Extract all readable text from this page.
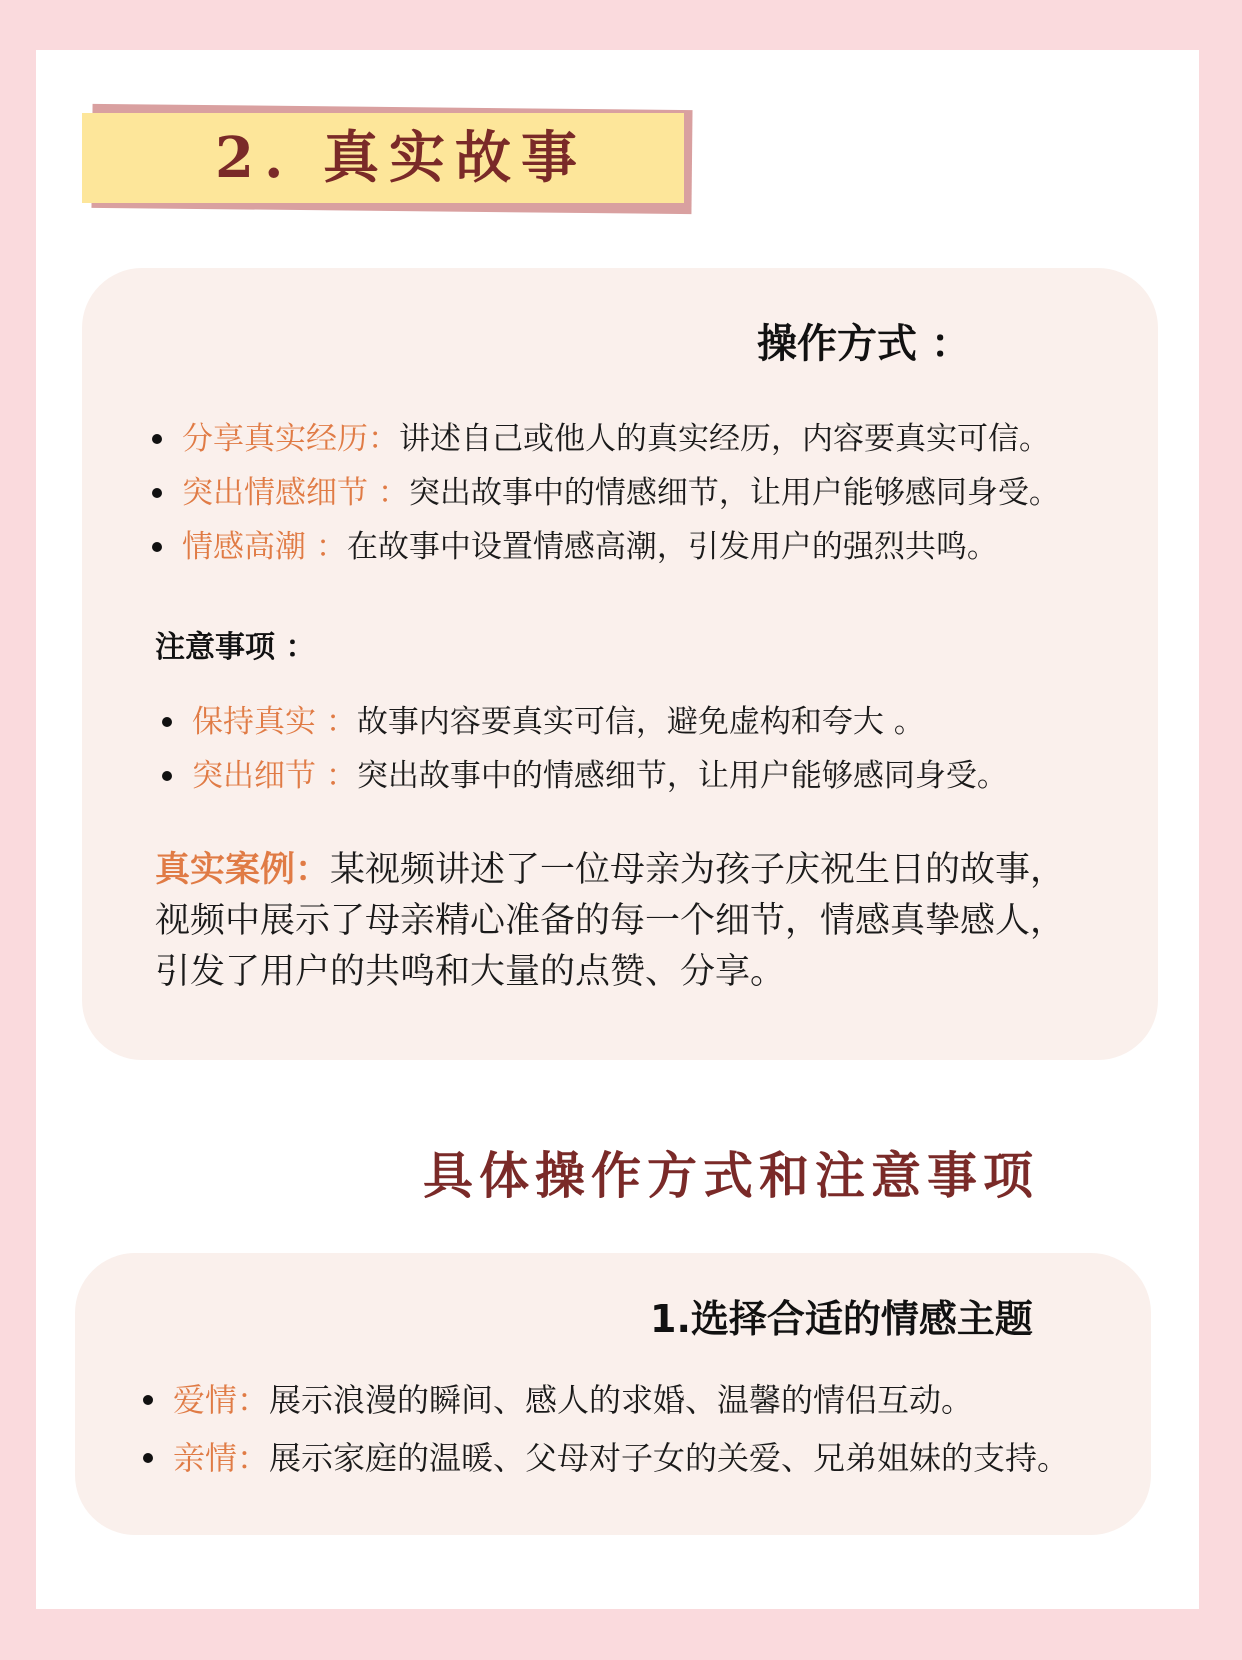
2. 真实故事
操作方式 ：
分享真实经历：讲述自己或他人的真实经历，内容要真实可信。
突出情感细节 ：突出故事中的情感细节，让用户能够感同身受。
情感高潮 ：在故事中设置情感高潮，引发用户的强烈共鸣。
注意事项 ：
保持真实 ：故事内容要真实可信，避免虚构和夸大 。
突出细节 ：突出故事中的情感细节，让用户能够感同身受。

真实案例：某视频讲述了一位母亲为孩子庆祝生日的故事，视频中展示了母亲精心准备的每一个细节，情感真挚感人，引发了用户的共鸣和大量的点赞、分享。

具体操作方式和注意事项
1.选择合适的情感主题
爱情：展示浪漫的瞬间、感人的求婚、温馨的情侣互动。
亲情：展示家庭的温暖、父母对子女的关爱、兄弟姐妹的支持。
